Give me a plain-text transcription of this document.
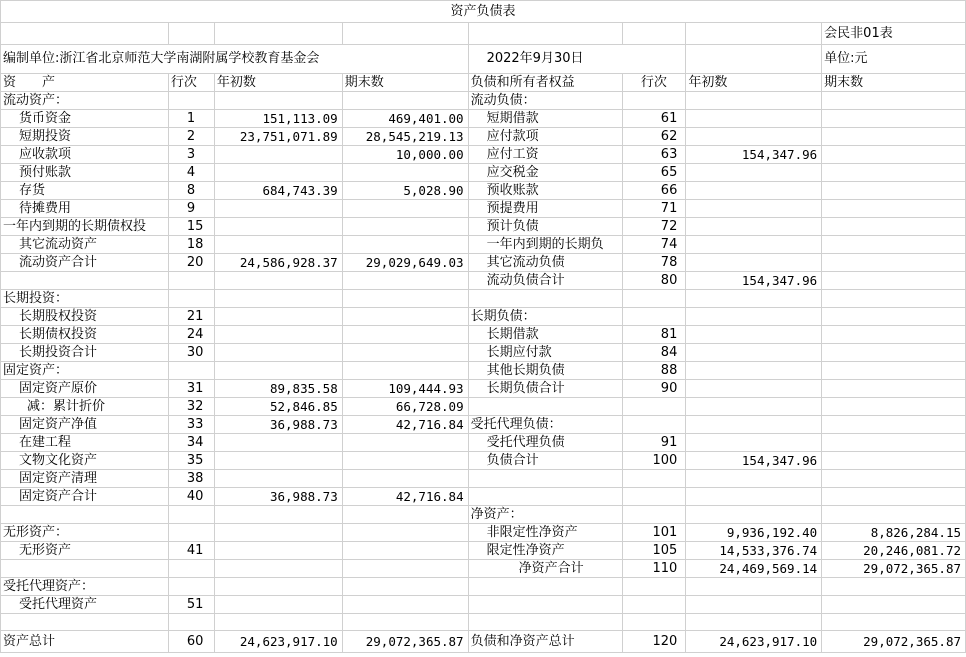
资产负债表							
							会民非01表
编制单位:浙江省北京师范大学南湖附属学校教育基金会				2022年9月30日			单位:元
资　　产	行次	年初数	期末数	负债和所有者权益	行次	年初数	期末数
流动资产：				流动负债：			
货币资金	1	151,113.09	469,401.00	短期借款	61		
短期投资	2	23,751,071.89	28,545,219.13	应付款项	62		
应收款项	3		10,000.00	应付工资	63	154,347.96	
预付账款	4			应交税金	65		
存货	8	684,743.39	5,028.90	预收账款	66		
待摊费用	9			预提费用	71		
一年内到期的长期债权投	15			预计负债	72		
其它流动资产	18			一年内到期的长期负	74		
流动资产合计	20	24,586,928.37	29,029,649.03	其它流动负债	78		
				流动负债合计	80	154,347.96	
长期投资：							
长期股权投资	21			长期负债：			
长期债权投资	24			长期借款	81		
长期投资合计	30			长期应付款	84		
固定资产：				其他长期负债	88		
固定资产原价	31	89,835.58	109,444.93	长期负债合计	90		
减：累计折价	32	52,846.85	66,728.09				
固定资产净值	33	36,988.73	42,716.84	受托代理负债：			
在建工程	34			受托代理负债	91		
文物文化资产	35			负债合计	100	154,347.96	
固定资产清理	38						
固定资产合计	40	36,988.73	42,716.84				
				净资产：			
无形资产：				非限定性净资产	101	9,936,192.40	8,826,284.15
无形资产	41			限定性净资产	105	14,533,376.74	20,246,081.72
				净资产合计	110	24,469,569.14	29,072,365.87
受托代理资产：							
受托代理资产	51						

资产总计	60	24,623,917.10	29,072,365.87	负债和净资产总计	120	24,623,917.10	29,072,365.87
